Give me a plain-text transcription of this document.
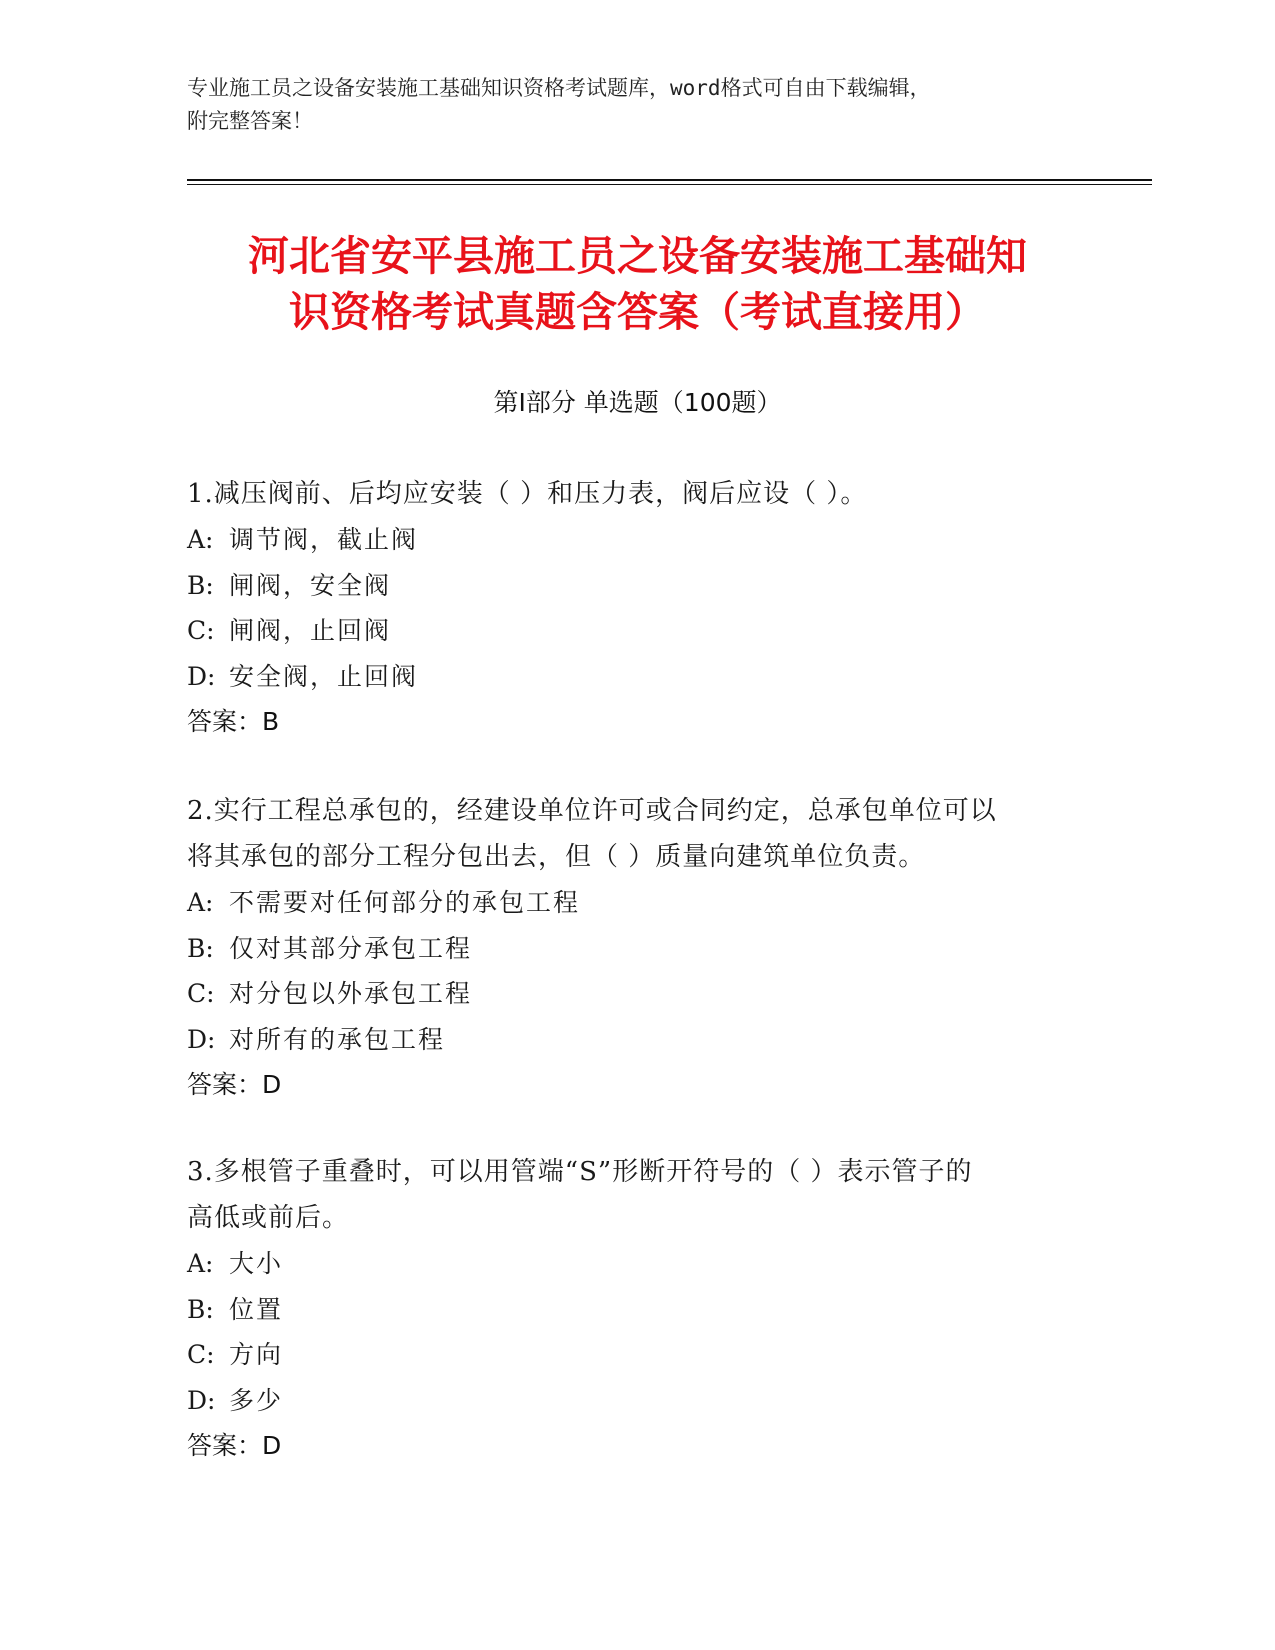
专业施工员之设备安装施工基础知识资格考试题库，word格式可自由下载编辑，
附完整答案！
河北省安平县施工员之设备安装施工基础知
识资格考试真题含答案（考试直接用）
第Ⅰ部分 单选题（100题）
1.减压阀前、后均应安装（ ）和压力表，阀后应设（ ）。
A: 调节阀，截止阀
B: 闸阀，安全阀
C: 闸阀，止回阀
D: 安全阀，止回阀
答案：B
2.实行工程总承包的，经建设单位许可或合同约定，总承包单位可以
将其承包的部分工程分包出去，但（ ）质量向建筑单位负责。
A: 不需要对任何部分的承包工程
B: 仅对其部分承包工程
C: 对分包以外承包工程
D: 对所有的承包工程
答案：D
3.多根管子重叠时，可以用管端“S”形断开符号的（ ）表示管子的
高低或前后。
A: 大小
B: 位置
C: 方向
D: 多少
答案：D
